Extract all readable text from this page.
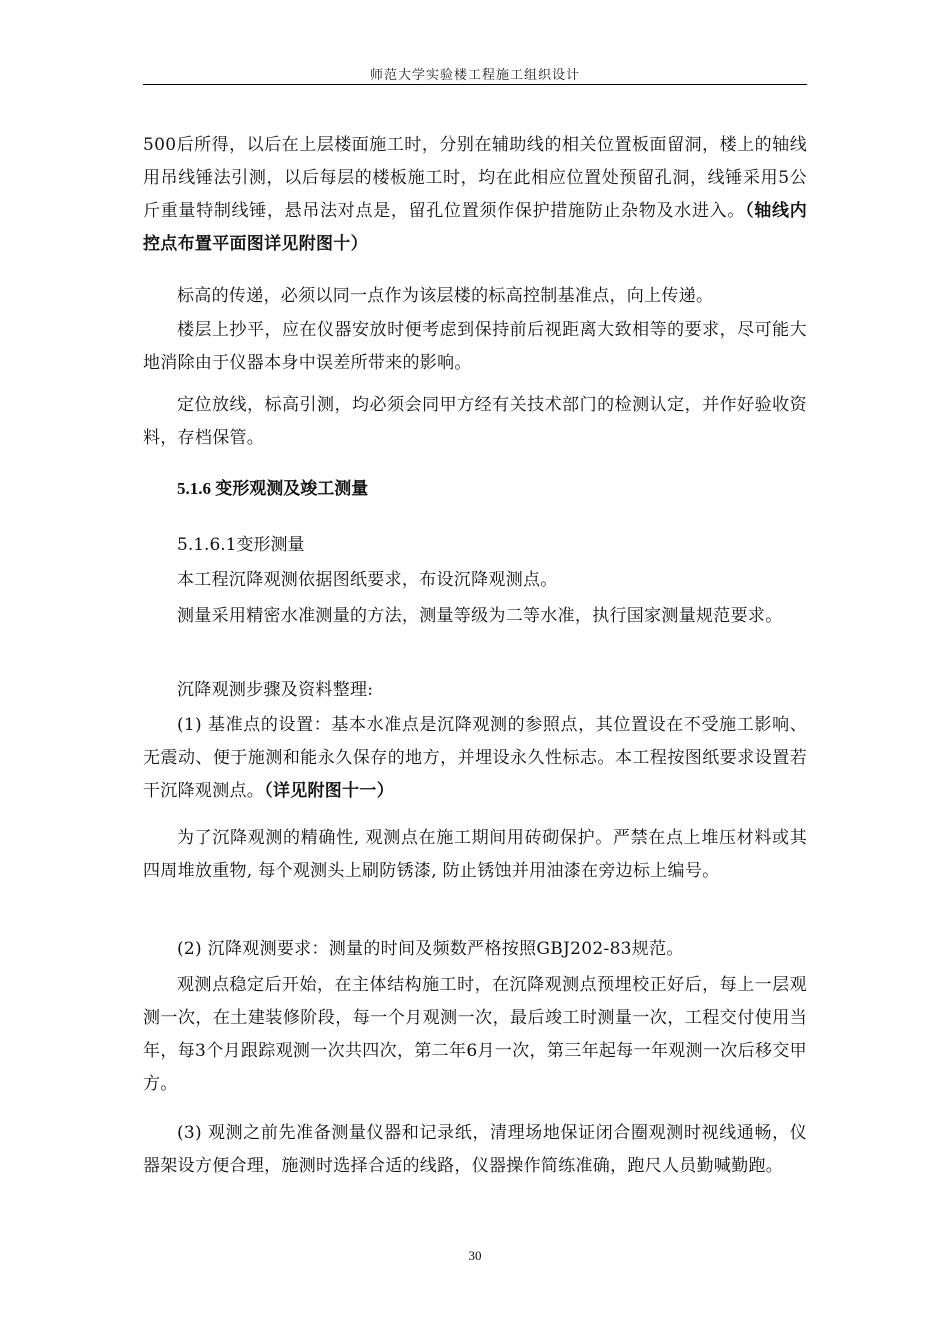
师范大学实验楼工程施工组织设计

500后所得，以后在上层楼面施工时，分别在辅助线的相关位置板面留洞，楼上的轴线用吊线锤法引测，以后每层的楼板施工时，均在此相应位置处预留孔洞，线锤采用5公斤重量特制线锤，悬吊法对点是，留孔位置须作保护措施防止杂物及水进入。（轴线内控点布置平面图详见附图十）

标高的传递，必须以同一点作为该层楼的标高控制基准点，向上传递。

楼层上抄平，应在仪器安放时便考虑到保持前后视距离大致相等的要求，尽可能大地消除由于仪器本身中误差所带来的影响。

定位放线，标高引测，均必须会同甲方经有关技术部门的检测认定，并作好验收资料，存档保管。

5.1.6 变形观测及竣工测量
5.1.6.1变形测量

本工程沉降观测依据图纸要求，布设沉降观测点。

测量采用精密水准测量的方法，测量等级为二等水准，执行国家测量规范要求。

沉降观测步骤及资料整理:

(1) 基准点的设置：基本水准点是沉降观测的参照点，其位置设在不受施工影响、无震动、便于施测和能永久保存的地方，并埋设永久性标志。本工程按图纸要求设置若干沉降观测点。（详见附图十一）

为了沉降观测的精确性, 观测点在施工期间用砖砌保护。严禁在点上堆压材料或其四周堆放重物, 每个观测头上刷防锈漆, 防止锈蚀并用油漆在旁边标上编号。

(2) 沉降观测要求：测量的时间及频数严格按照GBJ202-83规范。

观测点稳定后开始，在主体结构施工时，在沉降观测点预埋校正好后，每上一层观测一次，在土建装修阶段，每一个月观测一次，最后竣工时测量一次，工程交付使用当年，每3个月跟踪观测一次共四次，第二年6月一次，第三年起每一年观测一次后移交甲方。

(3) 观测之前先准备测量仪器和记录纸，清理场地保证闭合圈观测时视线通畅，仪器架设方便合理，施测时选择合适的线路，仪器操作简练准确，跑尺人员勤喊勤跑。

30
